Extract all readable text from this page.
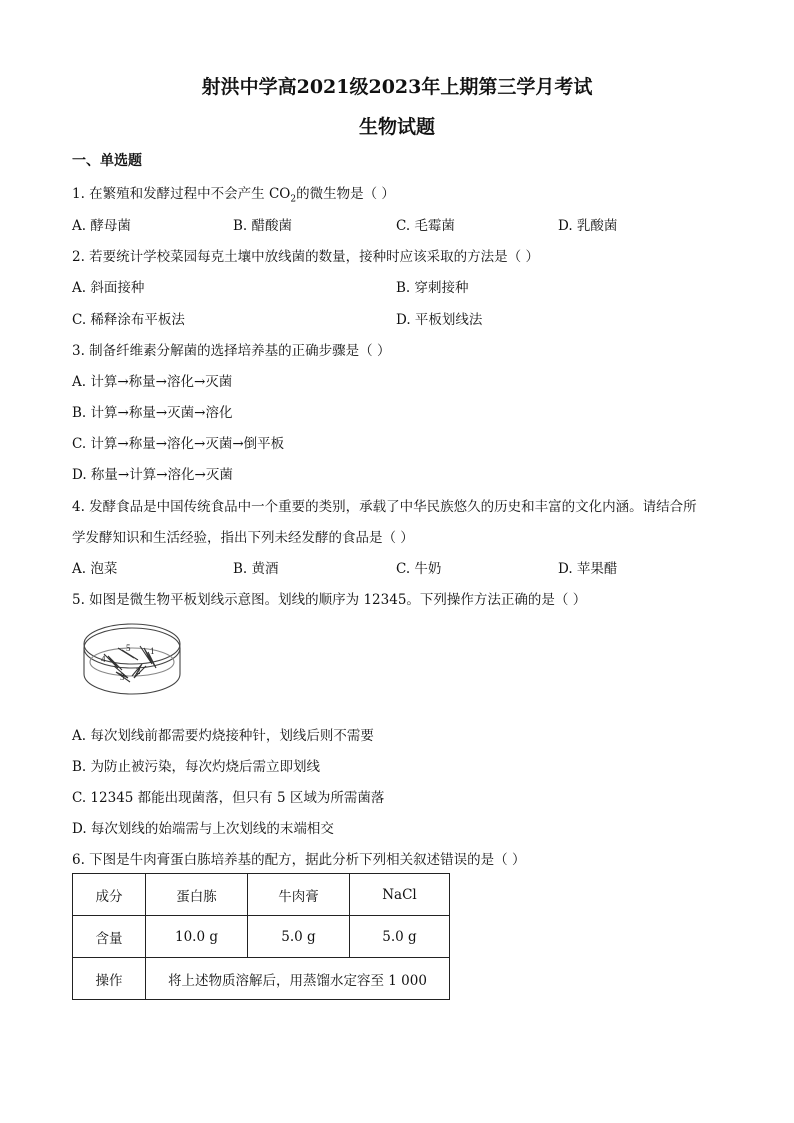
射洪中学高2021级2023年上期第三学月考试
生物试题
一、单选题
1. 在繁殖和发酵过程中不会产生 $CO_2$的微生物是（ ）
A. 酵母菌	B. 醋酸菌	C. 毛霉菌	D. 乳酸菌
2. 若要统计学校菜园每克土壤中放线菌的数量，接种时应该采取的方法是（ ）
A. 斜面接种	B. 穿刺接种
C. 稀释涂布平板法	D. 平板划线法
3. 制备纤维素分解菌的选择培养基的正确步骤是（ ）
A. 计算→称量→溶化→灭菌
B. 计算→称量→灭菌→溶化
C. 计算→称量→溶化→灭菌→倒平板
D. 称量→计算→溶化→灭菌
4. 发酵食品是中国传统食品中一个重要的类别，承载了中华民族悠久的历史和丰富的文化内涵。请结合所
学发酵知识和生活经验，指出下列未经发酵的食品是（ ）
A. 泡菜	B. 黄酒	C. 牛奶	D. 苹果醋
5. 如图是微生物平板划线示意图。划线的顺序为 12345。下列操作方法正确的是（ ）
1
2
3
4
5
A. 每次划线前都需要灼烧接种针，划线后则不需要
B. 为防止被污染，每次灼烧后需立即划线
C. 12345 都能出现菌落，但只有 5 区域为所需菌落
D. 每次划线的始端需与上次划线的末端相交
6. 下图是牛肉膏蛋白胨培养基的配方，据此分析下列相关叙述错误的是（ ）
成分	蛋白胨	牛肉膏	NaCl
含量	10.0 g	5.0 g	5.0 g
操作	将上述物质溶解后，用蒸馏水定容至 1 000		
